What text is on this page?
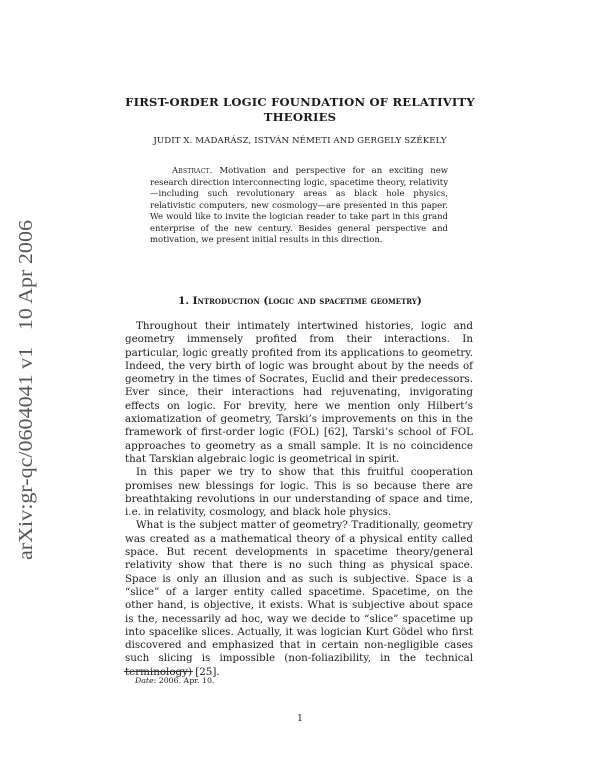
arXiv:gr-qc/0604041 v1   10 Apr 2006
FIRST-ORDER LOGIC FOUNDATION OF RELATIVITY
THEORIES

JUDIT X. MADARÁSZ, ISTVÁN NÉMETI AND GERGELY SZÉKELY

Abstract. Motivation and perspective for an exciting new research direction interconnecting logic, spacetime theory, relativity—including such revolutionary areas as black hole physics, relativistic computers, new cosmology—are presented in this paper. We would like to invite the logician reader to take part in this grand enterprise of the new century. Besides general perspective and motivation, we present initial results in this direction.

1. Introduction (logic and spacetime geometry)

Throughout their intimately intertwined histories, logic and geometry immensely profited from their interactions. In particular, logic greatly profited from its applications to geometry. Indeed, the very birth of logic was brought about by the needs of geometry in the times of Socrates, Euclid and their predecessors. Ever since, their interactions had rejuvenating, invigorating effects on logic. For brevity, here we mention only Hilbert’s axiomatization of geometry, Tarski’s improvements on this in the framework of first-order logic (FOL) [62], Tarski’s school of FOL approaches to geometry as a small sample. It is no coincidence that Tarskian algebraic logic is geometrical in spirit.

In this paper we try to show that this fruitful cooperation promises new blessings for logic. This is so because there are breathtaking revolutions in our understanding of space and time, i.e. in relativity, cosmology, and black hole physics.

What is the subject matter of geometry? Traditionally, geometry was created as a mathematical theory of a physical entity called space. But recent developments in spacetime theory/general relativity show that there is no such thing as physical space. Space is only an illusion and as such is subjective. Space is a “slice” of a larger entity called spacetime. Spacetime, on the other hand, is objective, it exists. What is subjective about space is the, necessarily ad hoc, way we decide to “slice” spacetime up into spacelike slices. Actually, it was logician Kurt Gödel who first discovered and emphasized that in certain non-negligible cases such slicing is impossible (non-foliazibility, in the technical terminology) [25].

Date: 2006. Apr. 10.

1
